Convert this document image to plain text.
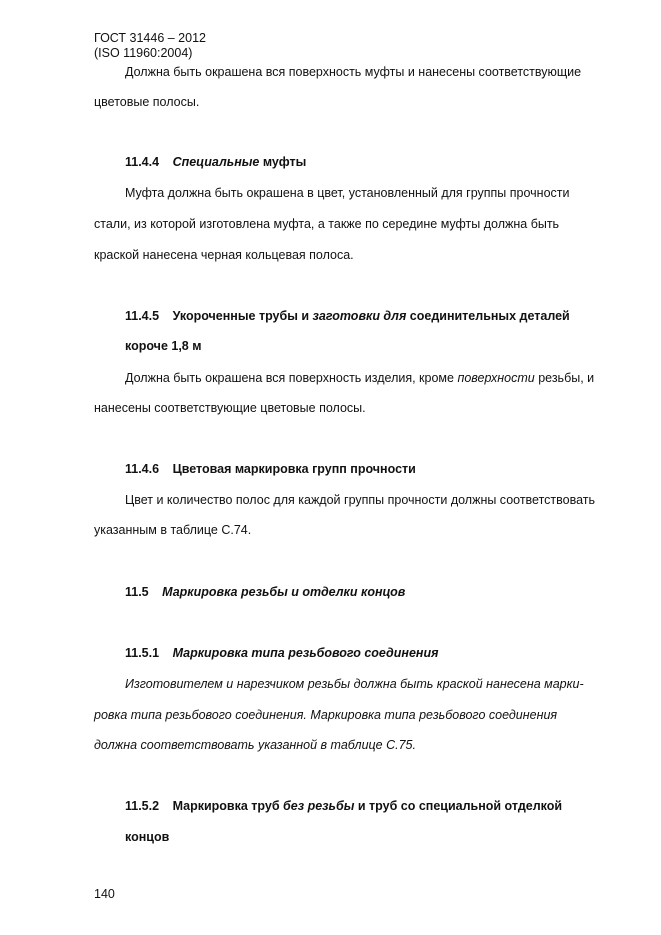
ГОСТ 31446 – 2012
(ISO 11960:2004)
Должна быть окрашена вся поверхность муфты и нанесены соответствующие
цветовые полосы.
11.4.4 Специальные муфты
Муфта должна быть окрашена в цвет, установленный для группы прочности
стали, из которой изготовлена муфта, а также по середине муфты должна быть
краской нанесена черная кольцевая полоса.
11.4.5 Укороченные трубы и заготовки для соединительных деталей
короче 1,8 м
Должна быть окрашена вся поверхность изделия, кроме поверхности резьбы, и
нанесены соответствующие цветовые полосы.
11.4.6 Цветовая маркировка групп прочности
Цвет и количество полос для каждой группы прочности должны соответствовать
указанным в таблице С.74.
11.5 Маркировка резьбы и отделки концов
11.5.1 Маркировка типа резьбового соединения
Изготовителем и нарезчиком резьбы должна быть краской нанесена марки-
ровка типа резьбового соединения. Маркировка типа резьбового соединения
должна соответствовать указанной в таблице С.75.
11.5.2 Маркировка труб без резьбы и труб со специальной отделкой
концов
140
